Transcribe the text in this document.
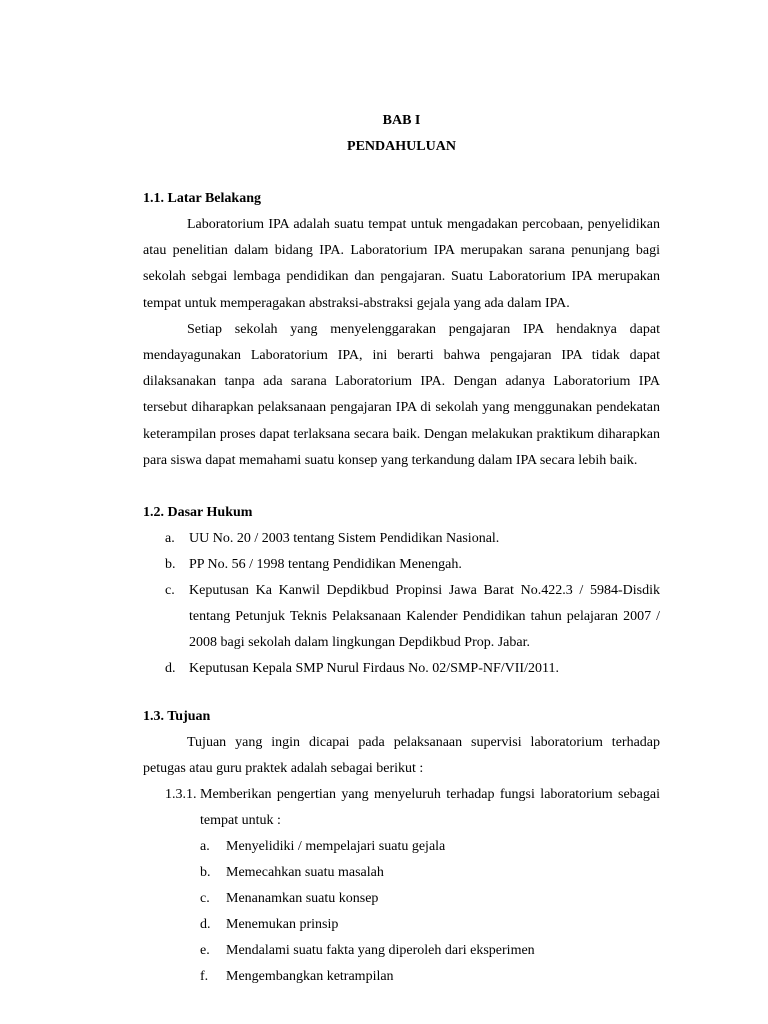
BAB I
PENDAHULUAN
1.1. Latar Belakang
Laboratorium IPA adalah suatu tempat untuk mengadakan percobaan, penyelidikan atau penelitian dalam bidang IPA. Laboratorium IPA merupakan sarana penunjang bagi sekolah sebgai lembaga pendidikan dan pengajaran. Suatu Laboratorium IPA merupakan tempat untuk memperagakan abstraksi-abstraksi gejala yang ada dalam IPA.
Setiap sekolah yang menyelenggarakan pengajaran IPA hendaknya dapat mendayagunakan Laboratorium IPA, ini berarti bahwa pengajaran IPA tidak dapat dilaksanakan tanpa ada sarana Laboratorium IPA. Dengan adanya Laboratorium IPA tersebut diharapkan pelaksanaan pengajaran IPA di sekolah yang menggunakan pendekatan keterampilan proses dapat terlaksana secara baik. Dengan melakukan praktikum diharapkan para siswa dapat memahami suatu konsep yang terkandung dalam IPA secara lebih baik.
1.2. Dasar Hukum
a. UU No. 20 / 2003 tentang Sistem Pendidikan Nasional.
b. PP No. 56 / 1998 tentang Pendidikan Menengah.
c. Keputusan Ka Kanwil Depdikbud Propinsi Jawa Barat No.422.3 / 5984-Disdik tentang Petunjuk Teknis Pelaksanaan Kalender Pendidikan tahun pelajaran 2007 / 2008 bagi sekolah dalam lingkungan Depdikbud Prop. Jabar.
d. Keputusan Kepala SMP Nurul Firdaus No. 02/SMP-NF/VII/2011.
1.3. Tujuan
Tujuan yang ingin dicapai pada pelaksanaan supervisi laboratorium terhadap petugas atau guru praktek adalah sebagai berikut :
1.3.1. Memberikan pengertian yang menyeluruh terhadap fungsi laboratorium sebagai tempat untuk :
a. Menyelidiki / mempelajari suatu gejala
b. Memecahkan suatu masalah
c. Menanamkan suatu konsep
d. Menemukan prinsip
e. Mendalami suatu fakta yang diperoleh dari eksperimen
f. Mengembangkan ketrampilan
